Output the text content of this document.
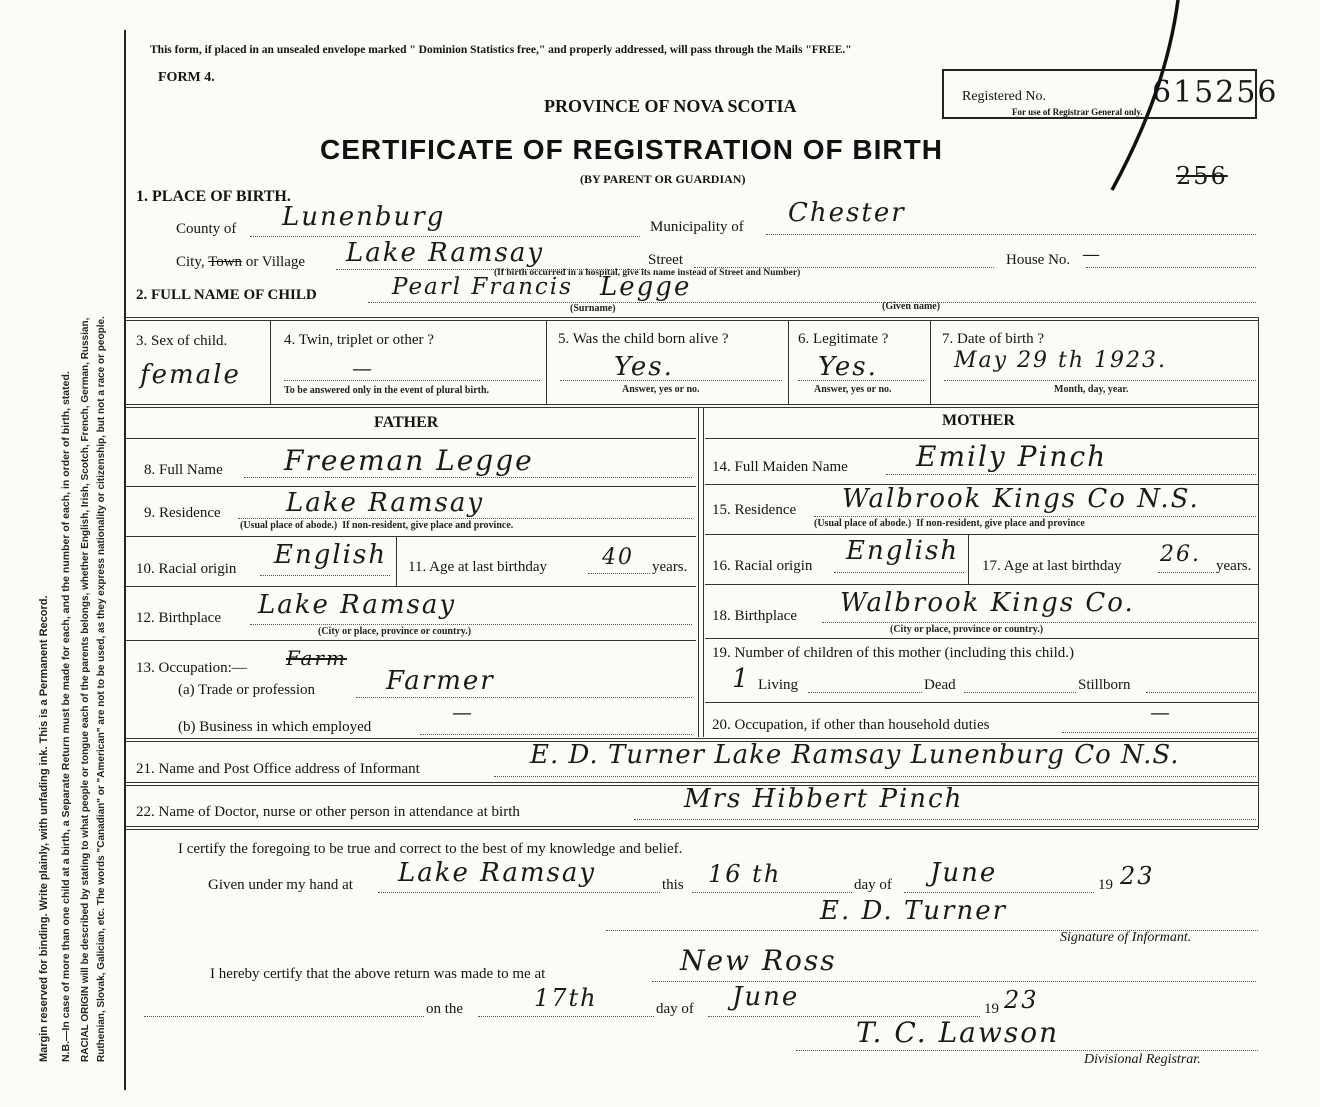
Margin reserved for binding. Write plainly, with unfading ink. This is a Permanent Record. N.B.—In case of more than one child at a birth, a Separate Return must be made for each, and the number of each, in order of birth, stated. RACIAL ORIGIN will be described by stating to what people or tongue each of the parents belongs, whether English, Irish, Scotch, French, German, Russian, Ruthenian, Slovak, Galician, etc. The words "Canadian" or "American" are not to be used, as they express nationality or citizenship, but not a race or people.
This form, if placed in an unsealed envelope marked " Dominion Statistics free," and properly addressed, will pass through the Mails "FREE."
FORM 4.
PROVINCE OF NOVA SCOTIA
CERTIFICATE OF REGISTRATION OF BIRTH
(BY PARENT OR GUARDIAN)
Registered No.	615256
For use of Registrar General only.
256
1. PLACE OF BIRTH.
County of Lunenburg	Municipality of Chester
City, Town or Village Lake Ramsay	Street	House No. —
(If birth occurred in a hospital, give its name instead of Street and Number)
2. FULL NAME OF CHILD	Pearl Francis Legge
(Surname)	(Given name)
3. Sex of child.
female
4. Twin, triplet or other ?
—
To be answered only in the event of plural birth.
5. Was the child born alive ?
Yes.
Answer, yes or no.
6. Legitimate ?
Yes.
Answer, yes or no.
7. Date of birth ?
May 29 th 1923.
Month, day, year.
FATHER	MOTHER
8. Full Name Freeman Legge
9. Residence	Lake Ramsay
(Usual place of abode.) If non-resident, give place and province.
10. Racial origin English 11. Age at last birthday	40 years.
12. Birthplace Lake Ramsay
(City or place, province or country.)
13. Occupation:— Farm
(a) Trade or profession	Farmer
(b) Business in which employed
—
14. Full Maiden Name Emily Pinch
15. Residence Walbrook Kings Co N.S.
(Usual place of abode.) If non-resident, give place and province
16. Racial origin English 17. Age at last birthday 26. years.
18. Birthplace Walbrook Kings Co.
(City or place, province or country.)
19. Number of children of this mother (including this child.)
1 Living	Dead	Stillborn
20. Occupation, if other than household duties
—
21. Name and Post Office address of Informant	E. D. Turner Lake Ramsay Lunenburg Co N.S.
22. Name of Doctor, nurse or other person in attendance at birth	Mrs Hibbert Pinch
I certify the foregoing to be true and correct to the best of my knowledge and belief.
Given under my hand at Lake Ramsay	this 16 th	day of June	19 23
E. D. Turner
Signature of Informant.
I hereby certify that the above return was made to me at	New Ross
on the	17th	day of June	19 23
T. C. Lawson
Divisional Registrar.
